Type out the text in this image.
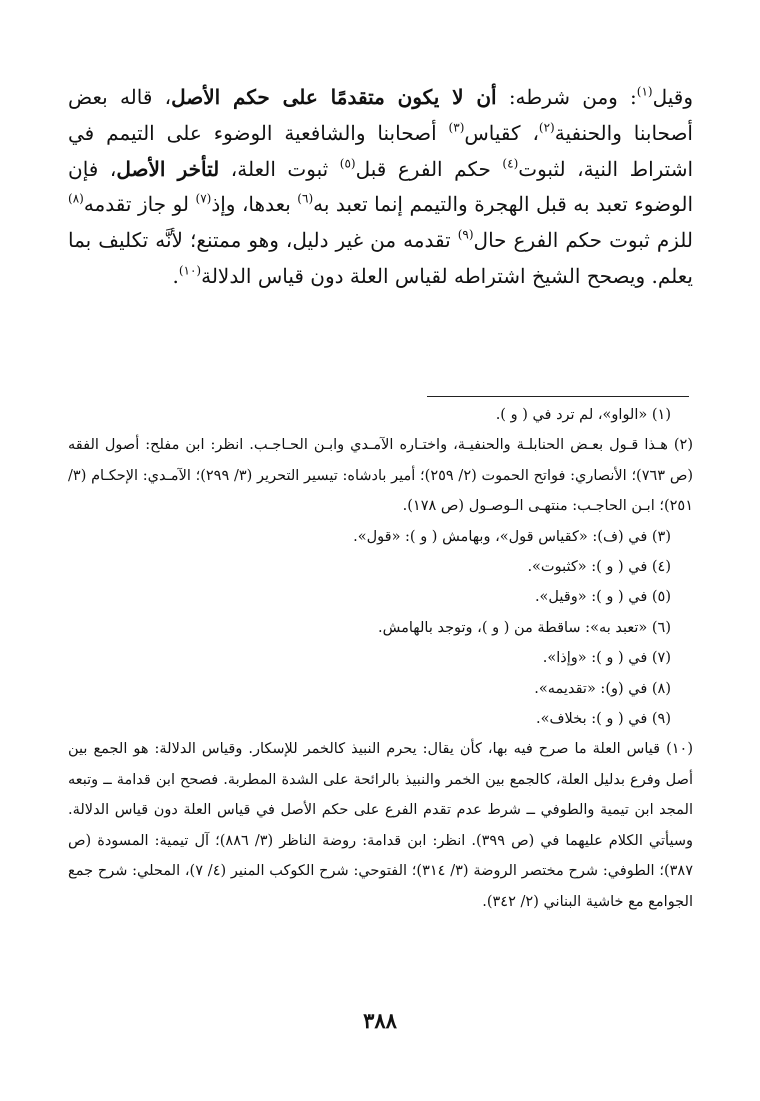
وقيل$^{(١)}$: ومن شرطه: أن لا يكون متقدمًا على حكم الأصل، قاله بعض أصحابنا والحنفية$^{(٢)}$، كقياس$^{(٣)}$ أصحابنا والشافعية الوضوء على التيمم في اشتراط النية، لثبوت$^{(٤)}$ حكم الفرع قبل$^{(٥)}$ ثبوت العلة، لتأخر الأصل، فإن الوضوء تعبد به قبل الهجرة والتيمم إنما تعبد به$^{(٦)}$ بعدها، وإذ$^{(٧)}$ لو جاز تقدمه$^{(٨)}$ للزم ثبوت حكم الفرع حال$^{(٩)}$ تقدمه من غير دليل، وهو ممتنع؛ لأنَّه تكليف بما يعلم. ويصحح الشيخ اشتراطه لقياس العلة دون قياس الدلالة$^{(١٠)}$.

(١) «الواو»، لم ترد في ( و ).

(٢) هـذا قـول بعـض الحنابلـة والحنفيـة، واختـاره الآمـدي وابـن الحـاجـب. انظر: ابن مفلح: أصول الفقه (ص ٧٦٣)؛ الأنصاري: فواتح الحموت (٢/ ٢٥٩)؛ أمير بادشاه: تيسير التحرير (٣/ ٢٩٩)؛ الآمـدي: الإحكـام (٣/ ٢٥١)؛ ابـن الحاجـب: منتهـى الـوصـول (ص ١٧٨).

(٣) في (ف): «كقياس قول»، وبهامش ( و ): «قول».

(٤) في ( و ): «كثبوت».

(٥) في ( و ): «وقيل».

(٦) «تعبد به»: ساقطة من ( و )، وتوجد بالهامش.

(٧) في ( و ): «وإذا».

(٨) في (و): «تقديمه».

(٩) في ( و ): بخلاف».

(١٠) قياس العلة ما صرح فيه بها، كأن يقال: يحرم النبيذ كالخمر للإسكار. وقياس الدلالة: هو الجمع بين أصل وفرع بدليل العلة، كالجمع بين الخمر والنبيذ بالرائحة على الشدة المطربة. فصحح ابن قدامة ــ وتبعه المجد ابن تيمية والطوفي ــ شرط عدم تقدم الفرع على حكم الأصل في قياس العلة دون قياس الدلالة. وسيأتي الكلام عليهما في (ص ٣٩٩). انظر: ابن قدامة: روضة الناظر (٣/ ٨٨٦)؛ آل تيمية: المسودة (ص ٣٨٧)؛ الطوفي: شرح مختصر الروضة (٣/ ٣١٤)؛ الفتوحي: شرح الكوكب المنير (٤/ ٧)، المحلي: شرح جمع الجوامع مع خاشية البناني (٢/ ٣٤٢).

٣٨٨
